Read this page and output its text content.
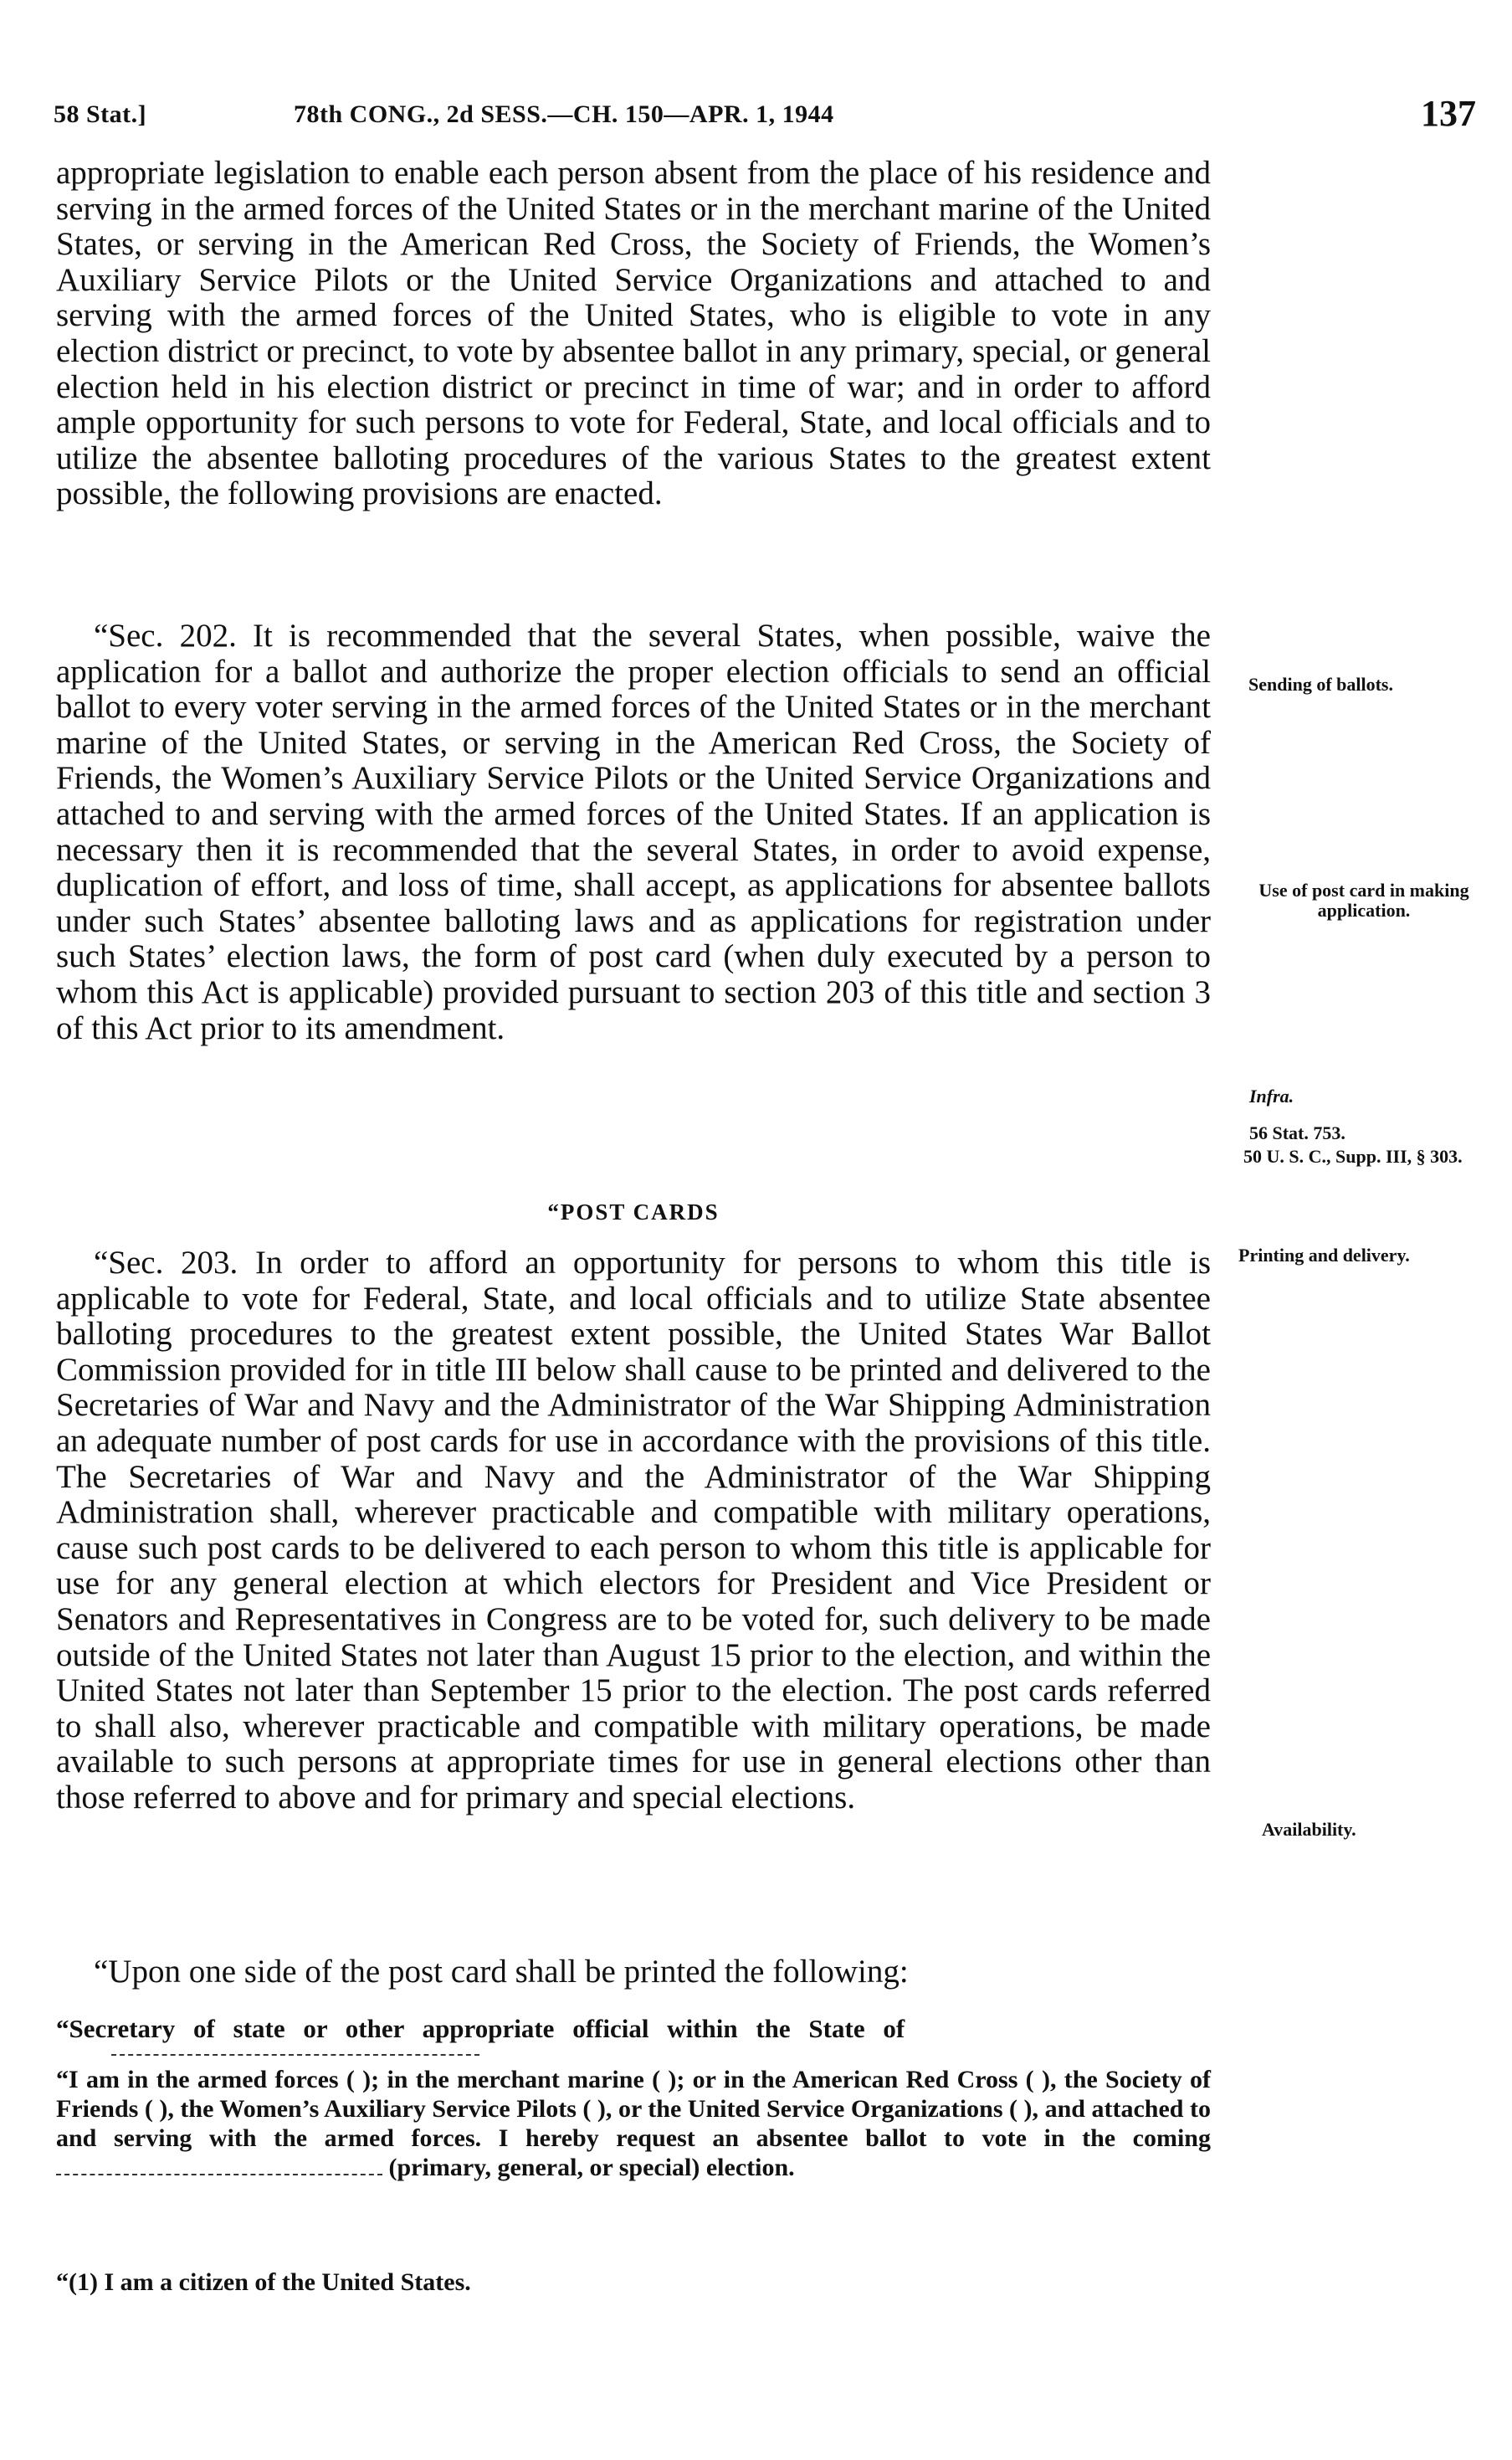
58 Stat.]	78th CONG., 2d SESS.—CH. 150—APR. 1, 1944	137

appropriate legislation to enable each person absent from the place of his residence and serving in the armed forces of the United States or in the merchant marine of the United States, or serving in the American Red Cross, the Society of Friends, the Women’s Auxiliary Service Pilots or the United Service Organizations and attached to and serving with the armed forces of the United States, who is eligible to vote in any election district or precinct, to vote by absentee ballot in any primary, special, or general election held in his election district or precinct in time of war; and in order to afford ample opportunity for such persons to vote for Federal, State, and local officials and to utilize the absentee balloting procedures of the various States to the greatest extent possible, the following provisions are enacted.

“Sec. 202. It is recommended that the several States, when possible, waive the application for a ballot and authorize the proper election officials to send an official ballot to every voter serving in the armed forces of the United States or in the merchant marine of the United States, or serving in the American Red Cross, the Society of Friends, the Women’s Auxiliary Service Pilots or the United Service Organizations and attached to and serving with the armed forces of the United States. If an application is necessary then it is recommended that the several States, in order to avoid expense, duplication of effort, and loss of time, shall accept, as applications for absentee ballots under such States’ absentee balloting laws and as applications for registration under such States’ election laws, the form of post card (when duly executed by a person to whom this Act is applicable) provided pursuant to section 203 of this title and section 3 of this Act prior to its amendment.

“POST CARDS

“Sec. 203. In order to afford an opportunity for persons to whom this title is applicable to vote for Federal, State, and local officials and to utilize State absentee balloting procedures to the greatest extent possible, the United States War Ballot Commission provided for in title III below shall cause to be printed and delivered to the Secretaries of War and Navy and the Administrator of the War Shipping Administration an adequate number of post cards for use in accordance with the provisions of this title. The Secretaries of War and Navy and the Administrator of the War Shipping Administration shall, wherever practicable and compatible with military operations, cause such post cards to be delivered to each person to whom this title is applicable for use for any general election at which electors for President and Vice President or Senators and Representatives in Congress are to be voted for, such delivery to be made outside of the United States not later than August 15 prior to the election, and within the United States not later than September 15 prior to the election. The post cards referred to shall also, wherever practicable and compatible with military operations, be made available to such persons at appropriate times for use in general elections other than those referred to above and for primary and special elections.

“Upon one side of the post card shall be printed the following:

“Secretary of state or other appropriate official within the State of
“I am in the armed forces ( ); in the merchant marine ( ); or in the American Red Cross ( ), the Society of Friends ( ), the Women’s Auxiliary Service Pilots ( ), or the United Service Organizations ( ), and attached to and serving with the armed forces. I hereby request an absentee ballot to vote in the coming  (primary, general, or special) election.
“(1) I am a citizen of the United States.
Sending of ballots.
Use of post card in making application.
Infra.
56 Stat. 753.
50 U. S. C., Supp. III, § 303.
Printing and delivery.
Availability.
